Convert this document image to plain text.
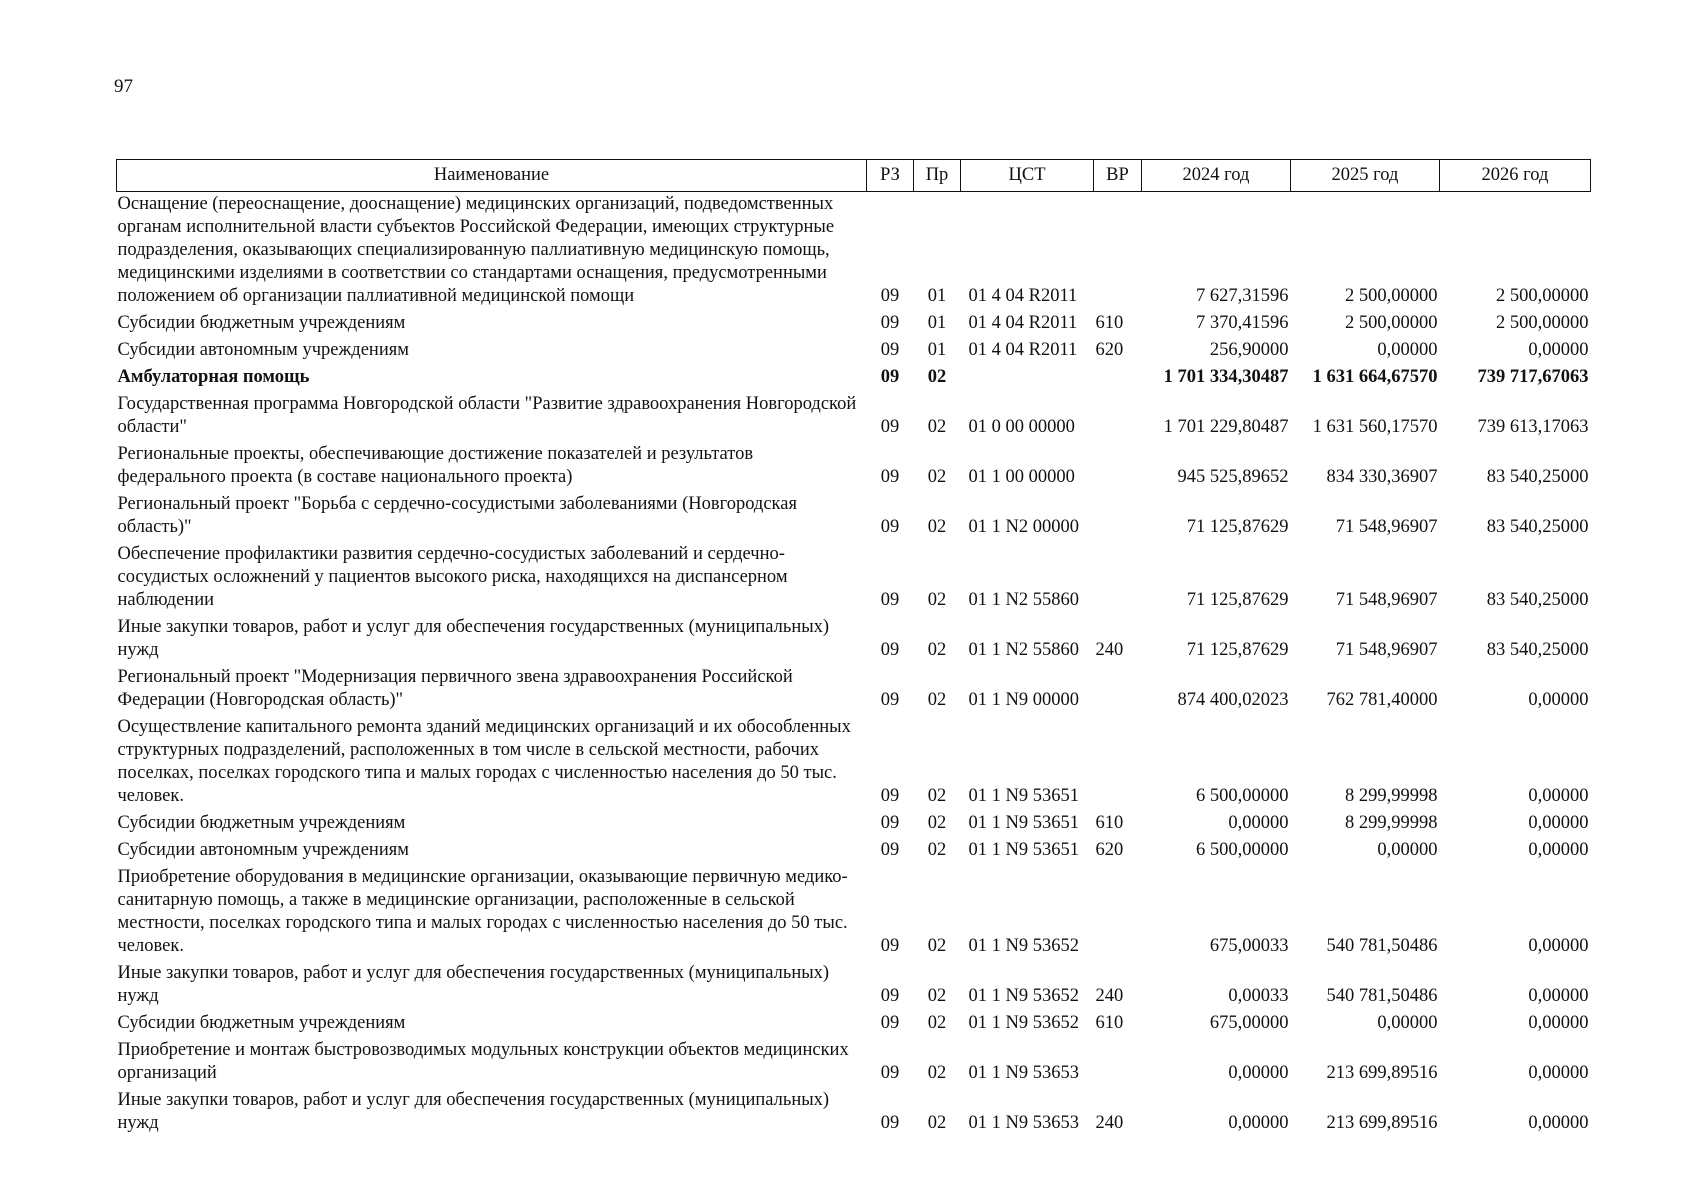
97
Наименование	РЗ	Пр	ЦСТ	ВР	2024 год	2025 год	2026 год
Оснащение (переоснащение, дооснащение) медицинских организаций, подведомственных органам исполнительной власти субъектов Российской Федерации, имеющих структурные подразделения, оказывающих специализированную паллиативную медицинскую помощь, медицинскими изделиями в соответствии со стандартами оснащения, предусмотренными положением об организации паллиативной медицинской помощи	09	01	01 4 04 R2011		7 627,31596	2 500,00000	2 500,00000
Субсидии бюджетным учреждениям	09	01	01 4 04 R2011	610	7 370,41596	2 500,00000	2 500,00000
Субсидии автономным учреждениям	09	01	01 4 04 R2011	620	256,90000	0,00000	0,00000
Амбулаторная помощь	09	02			1 701 334,30487	1 631 664,67570	739 717,67063
Государственная программа Новгородской области "Развитие здравоохранения Новгородской области"	09	02	01 0 00 00000		1 701 229,80487	1 631 560,17570	739 613,17063
Региональные проекты, обеспечивающие достижение показателей и результатов федерального проекта (в составе национального проекта)	09	02	01 1 00 00000		945 525,89652	834 330,36907	83 540,25000
Региональный проект "Борьба с сердечно-сосудистыми заболеваниями (Новгородская область)"	09	02	01 1 N2 00000		71 125,87629	71 548,96907	83 540,25000
Обеспечение профилактики развития сердечно-сосудистых заболеваний и сердечно-сосудистых осложнений у пациентов высокого риска, находящихся на диспансерном наблюдении	09	02	01 1 N2 55860		71 125,87629	71 548,96907	83 540,25000
Иные закупки товаров, работ и услуг для обеспечения государственных (муниципальных) нужд	09	02	01 1 N2 55860	240	71 125,87629	71 548,96907	83 540,25000
Региональный проект "Модернизация первичного звена здравоохранения Российской Федерации (Новгородская область)"	09	02	01 1 N9 00000		874 400,02023	762 781,40000	0,00000
Осуществление капитального ремонта зданий медицинских организаций и их обособленных структурных подразделений, расположенных в том числе в сельской местности, рабочих поселках, поселках городского типа и малых городах с численностью населения до 50 тыс. человек.	09	02	01 1 N9 53651		6 500,00000	8 299,99998	0,00000
Субсидии бюджетным учреждениям	09	02	01 1 N9 53651	610	0,00000	8 299,99998	0,00000
Субсидии автономным учреждениям	09	02	01 1 N9 53651	620	6 500,00000	0,00000	0,00000
Приобретение оборудования в медицинские организации, оказывающие первичную медико-санитарную помощь, а также в медицинские организации, расположенные в сельской местности, поселках городского типа и малых городах с численностью населения до 50 тыс. человек.	09	02	01 1 N9 53652		675,00033	540 781,50486	0,00000
Иные закупки товаров, работ и услуг для обеспечения государственных (муниципальных) нужд	09	02	01 1 N9 53652	240	0,00033	540 781,50486	0,00000
Субсидии бюджетным учреждениям	09	02	01 1 N9 53652	610	675,00000	0,00000	0,00000
Приобретение и монтаж быстровозводимых модульных конструкции объектов медицинских организаций	09	02	01 1 N9 53653		0,00000	213 699,89516	0,00000
Иные закупки товаров, работ и услуг для обеспечения государственных (муниципальных) нужд	09	02	01 1 N9 53653	240	0,00000	213 699,89516	0,00000
